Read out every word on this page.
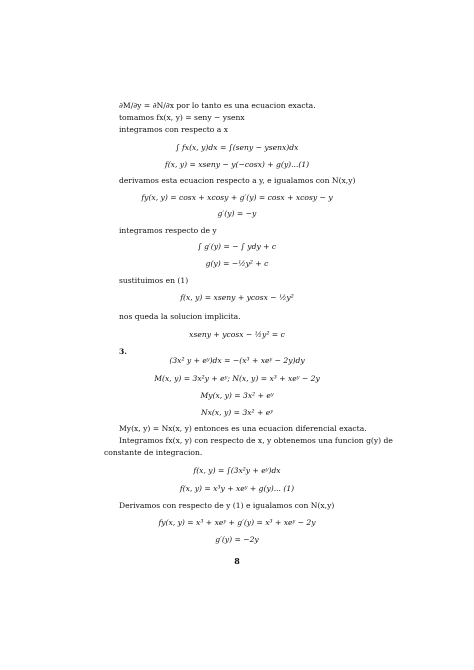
∂M/∂y = ∂N/∂x por lo tanto es una ecuacion exacta.
tomamos fx(x, y) = seny − ysenx
integramos con respecto a x
∫ fx(x, y)dx = ∫(seny − ysenx)dx
f(x, y) = xseny − y(−cosx) + g(y)...(1)
derivamos esta ecuacion respecto a y, e igualamos con N(x,y)
fy(x, y) = cosx + xcosy + g′(y) = cosx + xcosy − y
g′(y) = −y
integramos respecto de y
∫ g′(y) = − ∫ ydy + c
g(y) = −½y² + c
sustituimos en (1)
f(x, y) = xseny + ycosx − ½y²
nos queda la solucion implicita.
xseny + ycosx − ½y² = c
3.
(3x² y + eʸ)dx = −(x³ + xeʸ − 2y)dy
M(x, y) = 3x²y + eʸ; N(x, y) = x³ + xeʸ − 2y
My(x, y) = 3x² + eʸ
Nx(x, y) = 3x² + eʸ
My(x, y) = Nx(x, y) entonces es una ecuacion diferencial exacta.
Integramos fx(x, y) con respecto de x, y obtenemos una funcion g(y) de
constante de integracion.
f(x, y) = ∫(3x²y + eʸ)dx
f(x, y) = x³y + xeʸ + g(y)... (1)
Derivamos con respecto de y (1) e igualamos con N(x,y)
fy(x, y) = x³ + xeʸ + g′(y) = x³ + xeʸ − 2y
g′(y) = −2y
8
